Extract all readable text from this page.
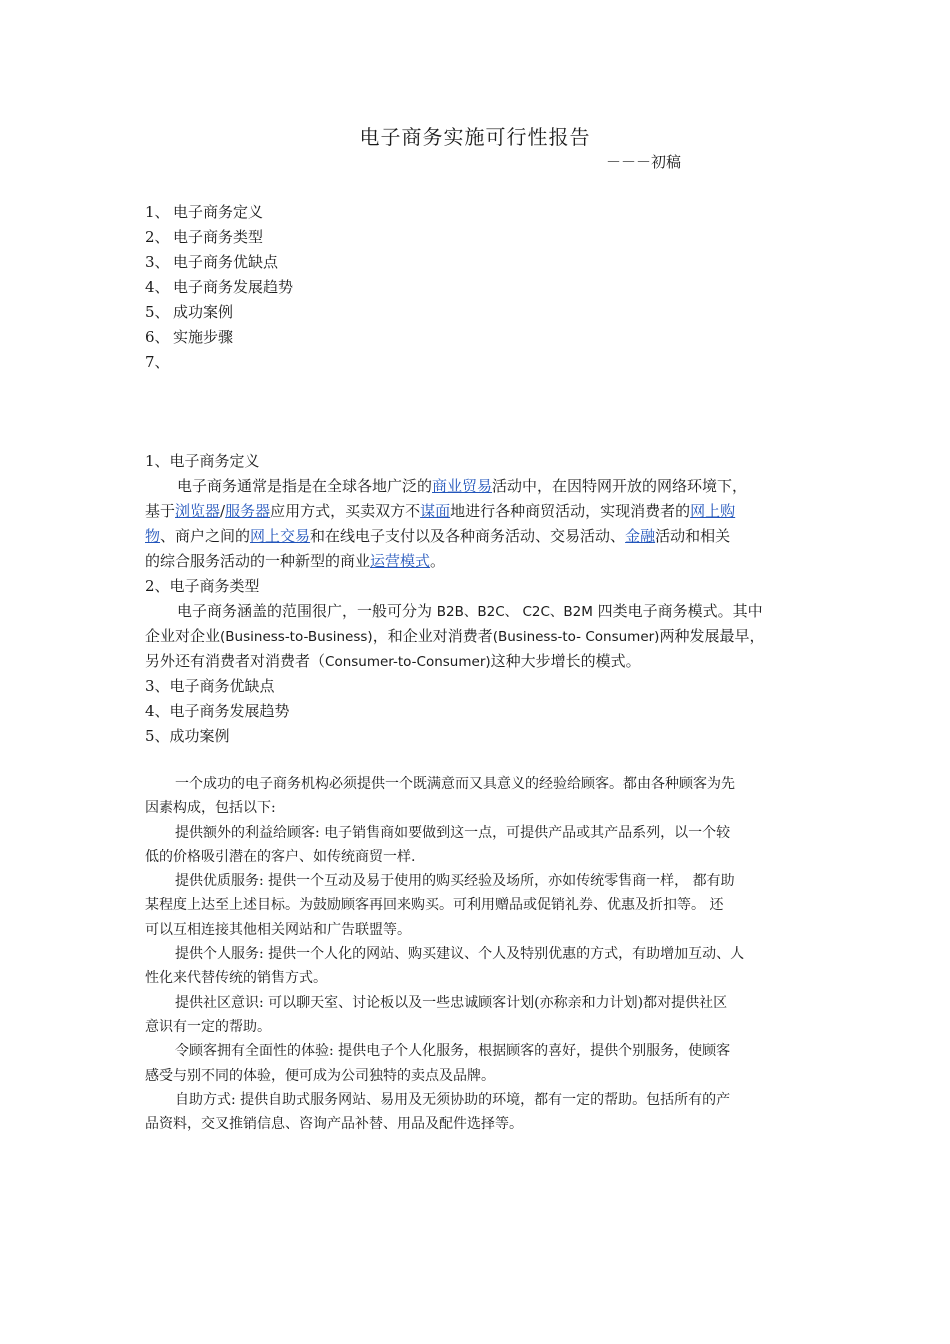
电子商务实施可行性报告
－－－初稿
1、 电子商务定义
2、 电子商务类型
3、 电子商务优缺点
4、 电子商务发展趋势
5、 成功案例
6、 实施步骤
7、
1、电子商务定义
电子商务通常是指是在全球各地广泛的商业贸易活动中，在因特网开放的网络环境下，
基于浏览器/服务器应用方式，买卖双方不谋面地进行各种商贸活动，实现消费者的网上购
物、商户之间的网上交易和在线电子支付以及各种商务活动、交易活动、金融活动和相关
的综合服务活动的一种新型的商业运营模式。
2、电子商务类型
电子商务涵盖的范围很广，一般可分为 B2B、B2C、 C2C、B2M 四类电子商务模式。其中
企业对企业(Business-to-Business)，和企业对消费者(Business-to- Consumer)两种发展最早，
另外还有消费者对消费者（Consumer-to-Consumer)这种大步增长的模式。
3、电子商务优缺点
4、电子商务发展趋势
5、成功案例
一个成功的电子商务机构必须提供一个既满意而又具意义的经验给顾客。都由各种顾客为先
因素构成，包括以下:
提供额外的利益给顾客: 电子销售商如要做到这一点，可提供产品或其产品系列，以一个较
低的价格吸引潜在的客户、如传统商贸一样.
提供优质服务: 提供一个互动及易于使用的购买经验及场所，亦如传统零售商一样， 都有助
某程度上达至上述目标。为鼓励顾客再回来购买。可利用赠品或促销礼券、优惠及折扣等。 还
可以互相连接其他相关网站和广告联盟等。
提供个人服务: 提供一个人化的网站、购买建议、个人及特别优惠的方式，有助增加互动、人
性化来代替传统的销售方式。
提供社区意识: 可以聊天室、讨论板以及一些忠诚顾客计划(亦称亲和力计划)都对提供社区
意识有一定的帮助。
令顾客拥有全面性的体验: 提供电子个人化服务，根据顾客的喜好，提供个别服务，使顾客
感受与别不同的体验，便可成为公司独特的卖点及品牌。
自助方式: 提供自助式服务网站、易用及无须协助的环境，都有一定的帮助。包括所有的产
品资料，交叉推销信息、咨询产品补替、用品及配件选择等。
